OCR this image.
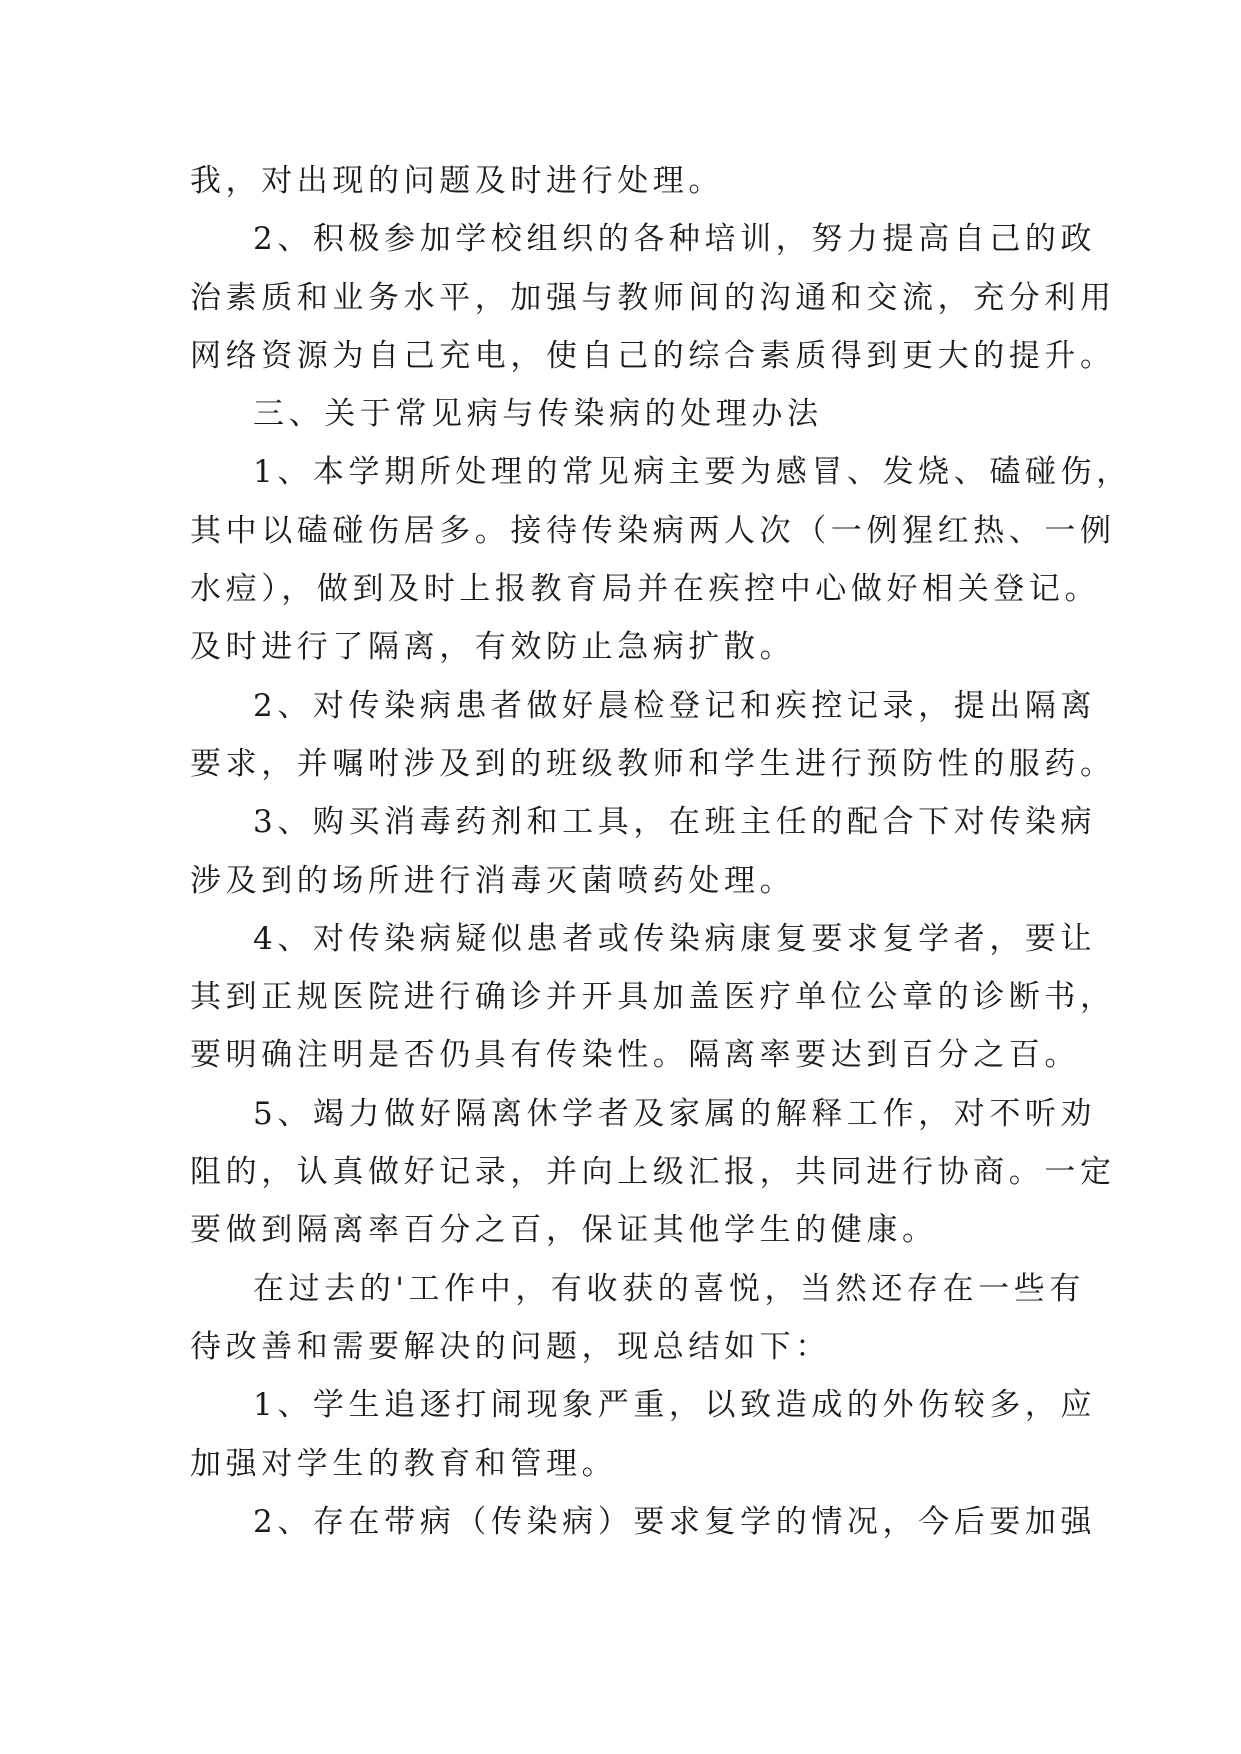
我，对出现的问题及时进行处理。
2、积极参加学校组织的各种培训，努力提高自己的政
治素质和业务水平，加强与教师间的沟通和交流，充分利用
网络资源为自己充电，使自己的综合素质得到更大的提升。
三、关于常见病与传染病的处理办法
1、本学期所处理的常见病主要为感冒、发烧、磕碰伤，
其中以磕碰伤居多。接待传染病两人次（一例猩红热、一例
水痘），做到及时上报教育局并在疾控中心做好相关登记。
及时进行了隔离，有效防止急病扩散。
2、对传染病患者做好晨检登记和疾控记录，提出隔离
要求，并嘱咐涉及到的班级教师和学生进行预防性的服药。
3、购买消毒药剂和工具，在班主任的配合下对传染病
涉及到的场所进行消毒灭菌喷药处理。
4、对传染病疑似患者或传染病康复要求复学者，要让
其到正规医院进行确诊并开具加盖医疗单位公章的诊断书，
要明确注明是否仍具有传染性。隔离率要达到百分之百。
5、竭力做好隔离休学者及家属的解释工作，对不听劝
阻的，认真做好记录，并向上级汇报，共同进行协商。一定
要做到隔离率百分之百，保证其他学生的健康。
在过去的'工作中，有收获的喜悦，当然还存在一些有
待改善和需要解决的问题，现总结如下：
1、学生追逐打闹现象严重，以致造成的外伤较多，应
加强对学生的教育和管理。
2、存在带病（传染病）要求复学的情况，今后要加强
